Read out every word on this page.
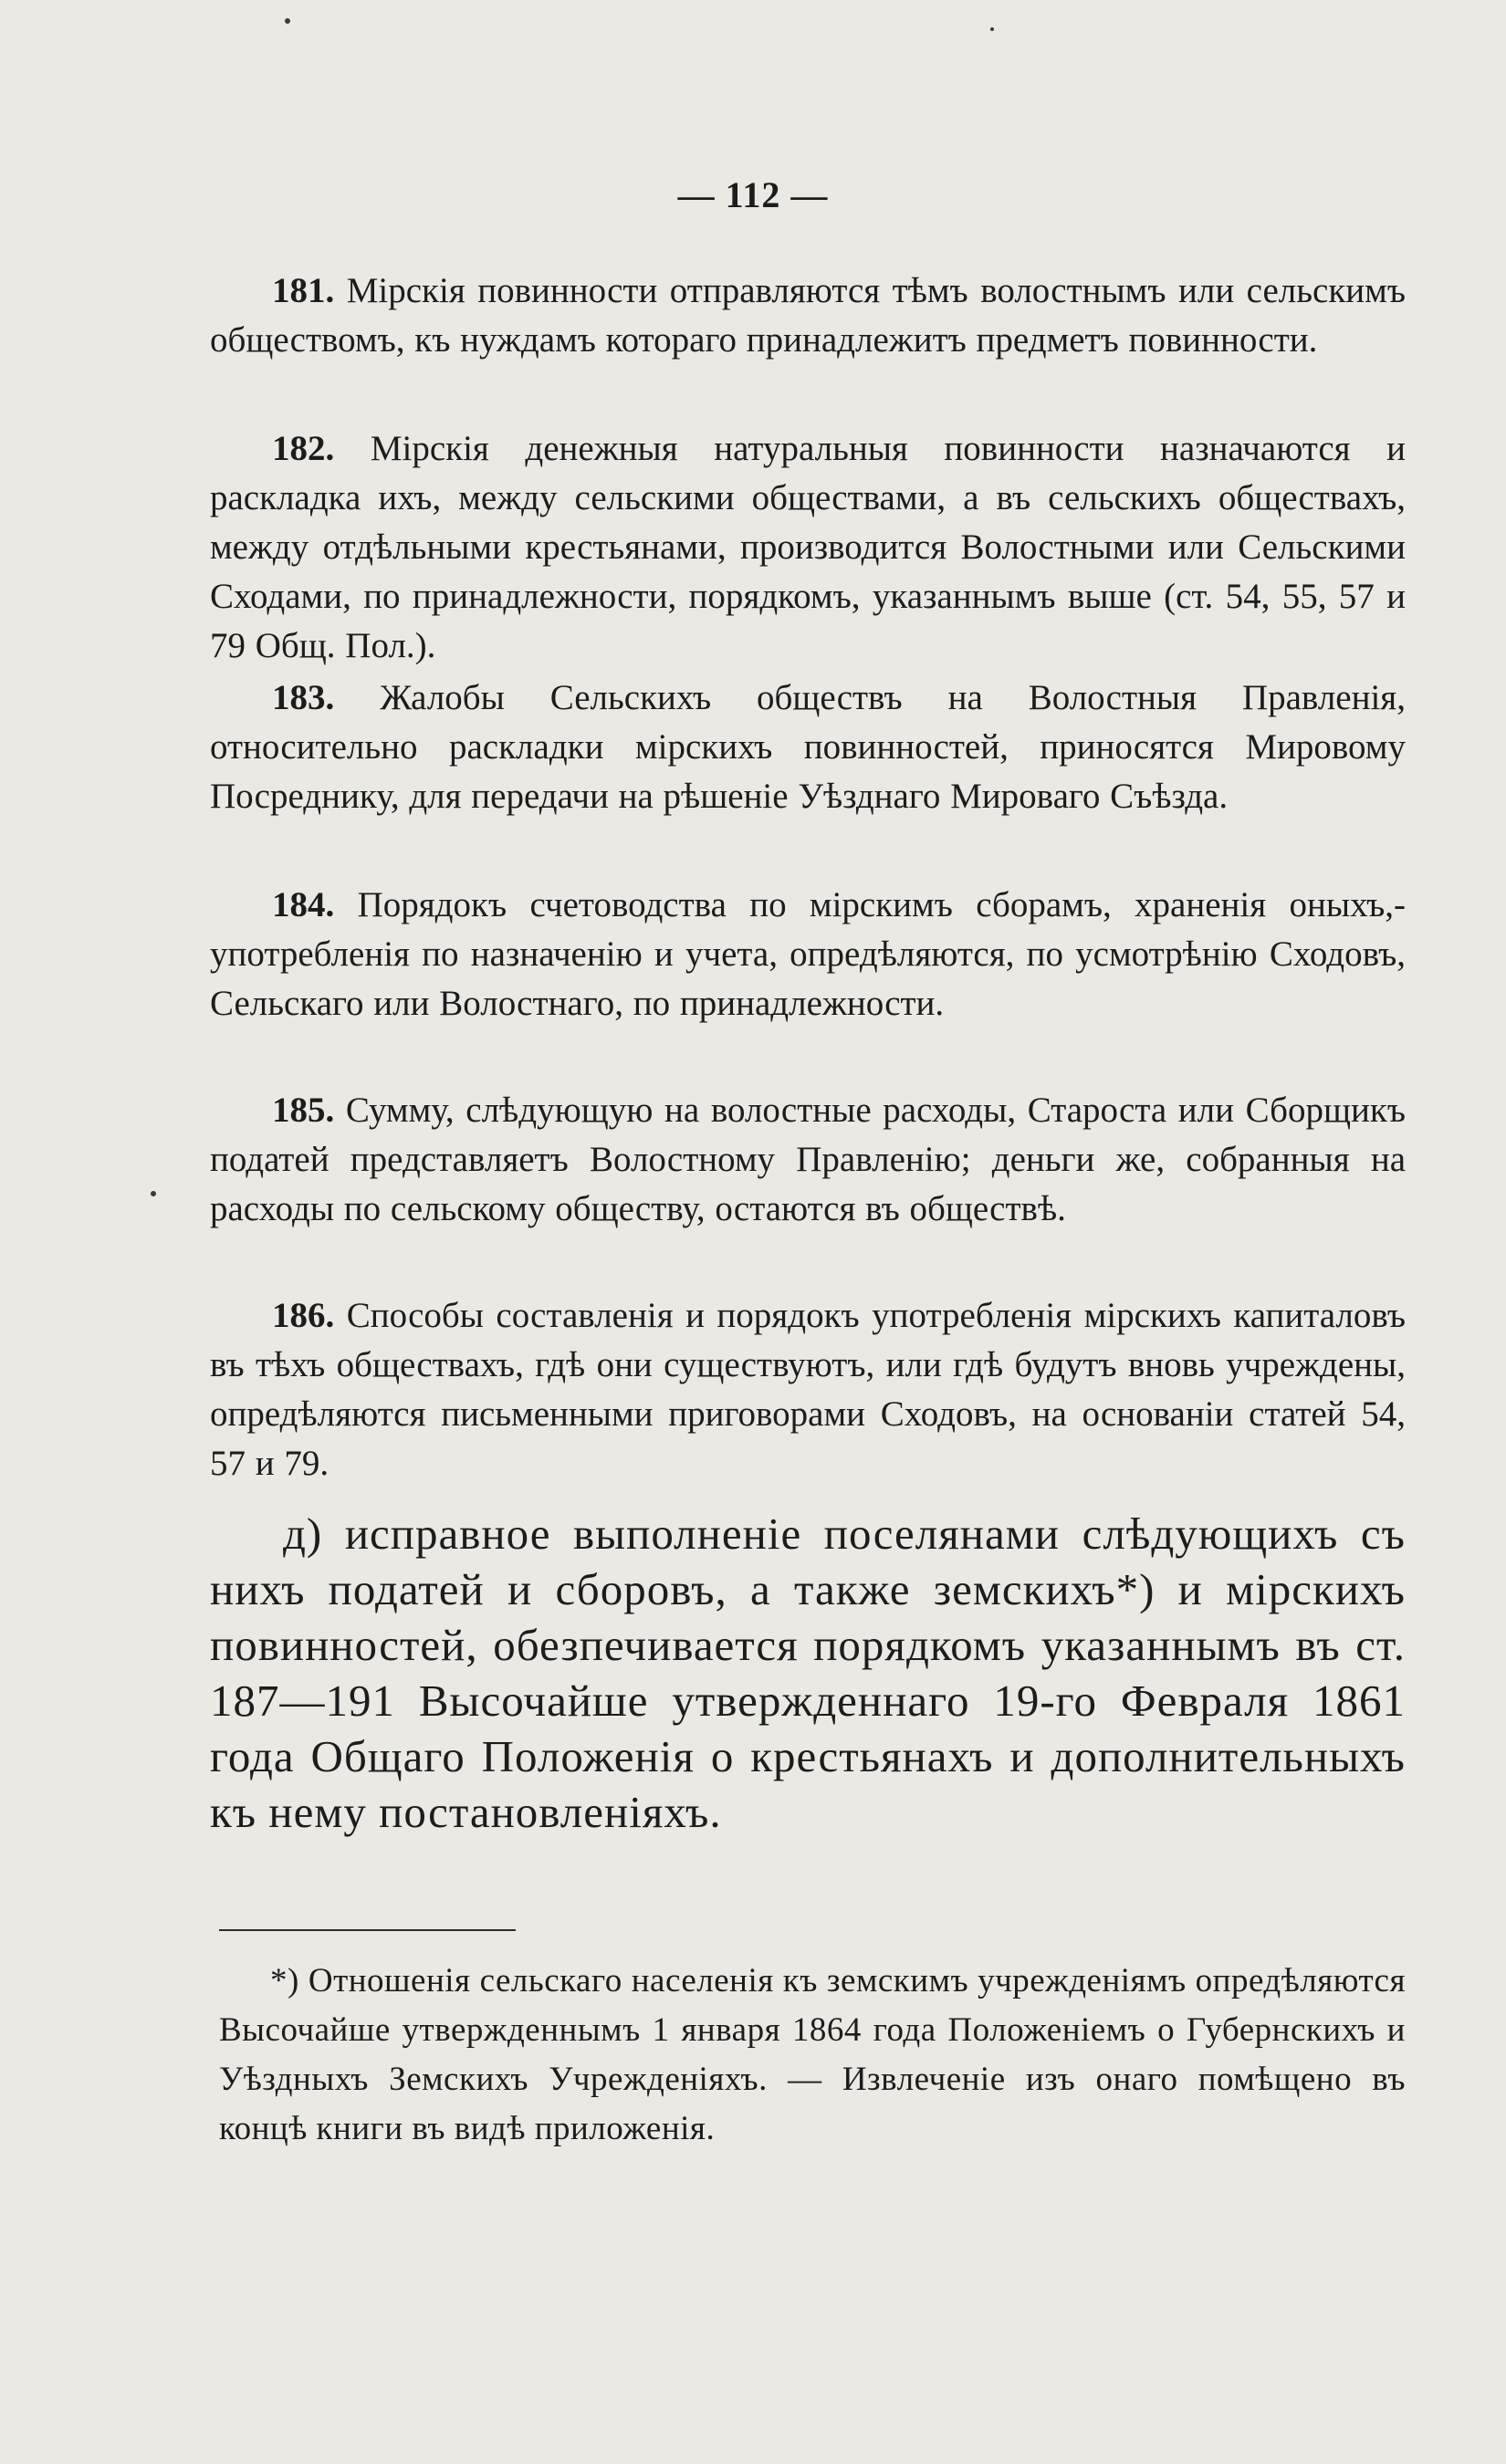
— 112 —

181. Мірскія повинности отправляются тѣмъ волостнымъ или сельскимъ обществомъ, къ нуждамъ котораго принадлежитъ предметъ повинности.

182. Мірскія денежныя натуральныя повинности назначаются и раскладка ихъ, между сельскими обществами, а въ сельскихъ обществахъ, между отдѣльными крестьянами, производится Волостными или Сельскими Сходами, по принадлежности, порядкомъ, указаннымъ выше (ст. 54, 55, 57 и 79 Общ. Пол.).

183. Жалобы Сельскихъ обществъ на Волостныя Правленія, относительно раскладки мірскихъ повинностей, приносятся Мировому Посреднику, для передачи на рѣшеніе Уѣзднаго Мироваго Съѣзда.

184. Порядокъ счетоводства по мірскимъ сборамъ, храненія оныхъ,-употребленія по назначенію и учета, опредѣляются, по усмотрѣнію Сходовъ, Сельскаго или Волостнаго, по принадлежности.

185. Сумму, слѣдующую на волостные расходы, Староста или Сборщикъ податей представляетъ Волостному Правленію; деньги же, собранныя на расходы по сельскому обществу, остаются въ обществѣ.

186. Способы составленія и порядокъ употребленія мірскихъ капиталовъ въ тѣхъ обществахъ, гдѣ они существуютъ, или гдѣ будутъ вновь учреждены, опредѣляются письменными приговорами Сходовъ, на основаніи статей 54, 57 и 79.

д) исправное выполненіе поселянами слѣдующихъ съ нихъ податей и сборовъ, а также земскихъ*) и мірскихъ повинностей, обезпечивается порядкомъ указаннымъ въ ст. 187—191 Высочайше утвержденнаго 19-го Февраля 1861 года Общаго Положенія о крестьянахъ и дополнительныхъ къ нему постановленіяхъ.

*) Отношенія сельскаго населенія къ земскимъ учрежденіямъ опредѣляются Высочайше утвержденнымъ 1 января 1864 года Положеніемъ о Губернскихъ и Уѣздныхъ Земскихъ Учрежденіяхъ. — Извлеченіе изъ онаго помѣщено въ концѣ книги въ видѣ приложенія.
